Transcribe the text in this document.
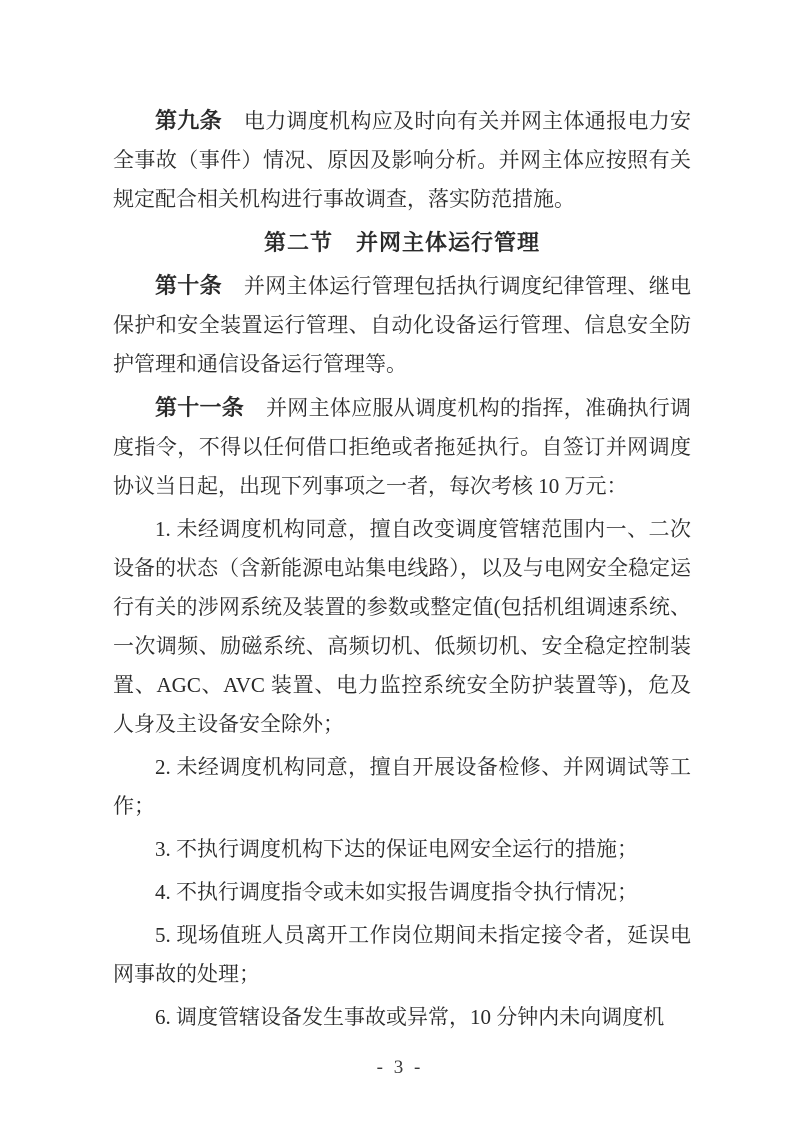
第九条 电力调度机构应及时向有关并网主体通报电力安全事故（事件）情况、原因及影响分析。并网主体应按照有关规定配合相关机构进行事故调查，落实防范措施。

第二节　并网主体运行管理

第十条 并网主体运行管理包括执行调度纪律管理、继电保护和安全装置运行管理、自动化设备运行管理、信息安全防护管理和通信设备运行管理等。

第十一条 并网主体应服从调度机构的指挥，准确执行调度指令，不得以任何借口拒绝或者拖延执行。自签订并网调度协议当日起，出现下列事项之一者，每次考核 10 万元：

1. 未经调度机构同意，擅自改变调度管辖范围内一、二次设备的状态（含新能源电站集电线路），以及与电网安全稳定运行有关的涉网系统及装置的参数或整定值(包括机组调速系统、一次调频、励磁系统、高频切机、低频切机、安全稳定控制装置、AGC、AVC 装置、电力监控系统安全防护装置等)，危及人身及主设备安全除外；

2. 未经调度机构同意，擅自开展设备检修、并网调试等工作；

3. 不执行调度机构下达的保证电网安全运行的措施；

4. 不执行调度指令或未如实报告调度指令执行情况；

5. 现场值班人员离开工作岗位期间未指定接令者，延误电网事故的处理；

6. 调度管辖设备发生事故或异常，10 分钟内未向调度机

- 3 -
